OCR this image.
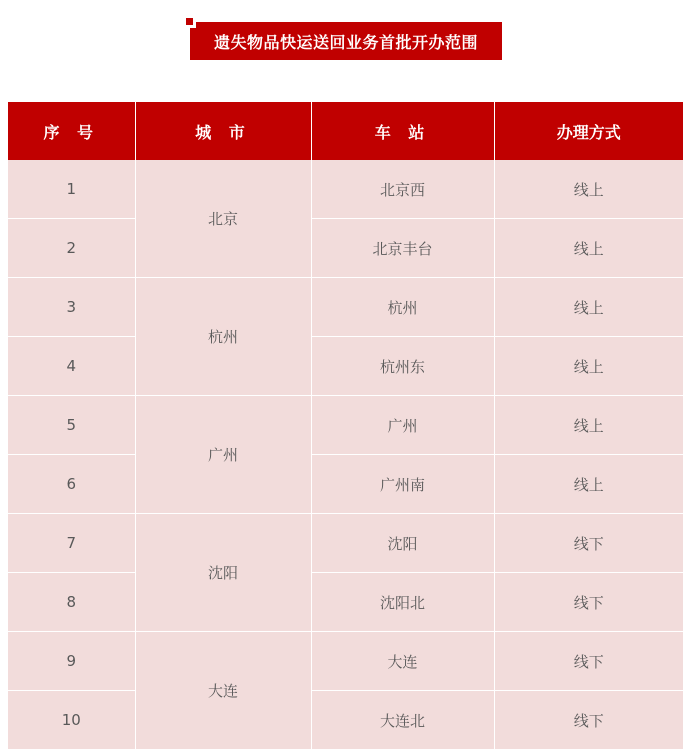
遗失物品快运送回业务首批开办范围
序 号	城 市	车 站	办理方式
1	北京	北京西	线上
2		北京丰台	线上
3	杭州	杭州	线上
4		杭州东	线上
5	广州	广州	线上
6		广州南	线上
7	沈阳	沈阳	线下
8		沈阳北	线下
9	大连	大连	线下
10		大连北	线下
